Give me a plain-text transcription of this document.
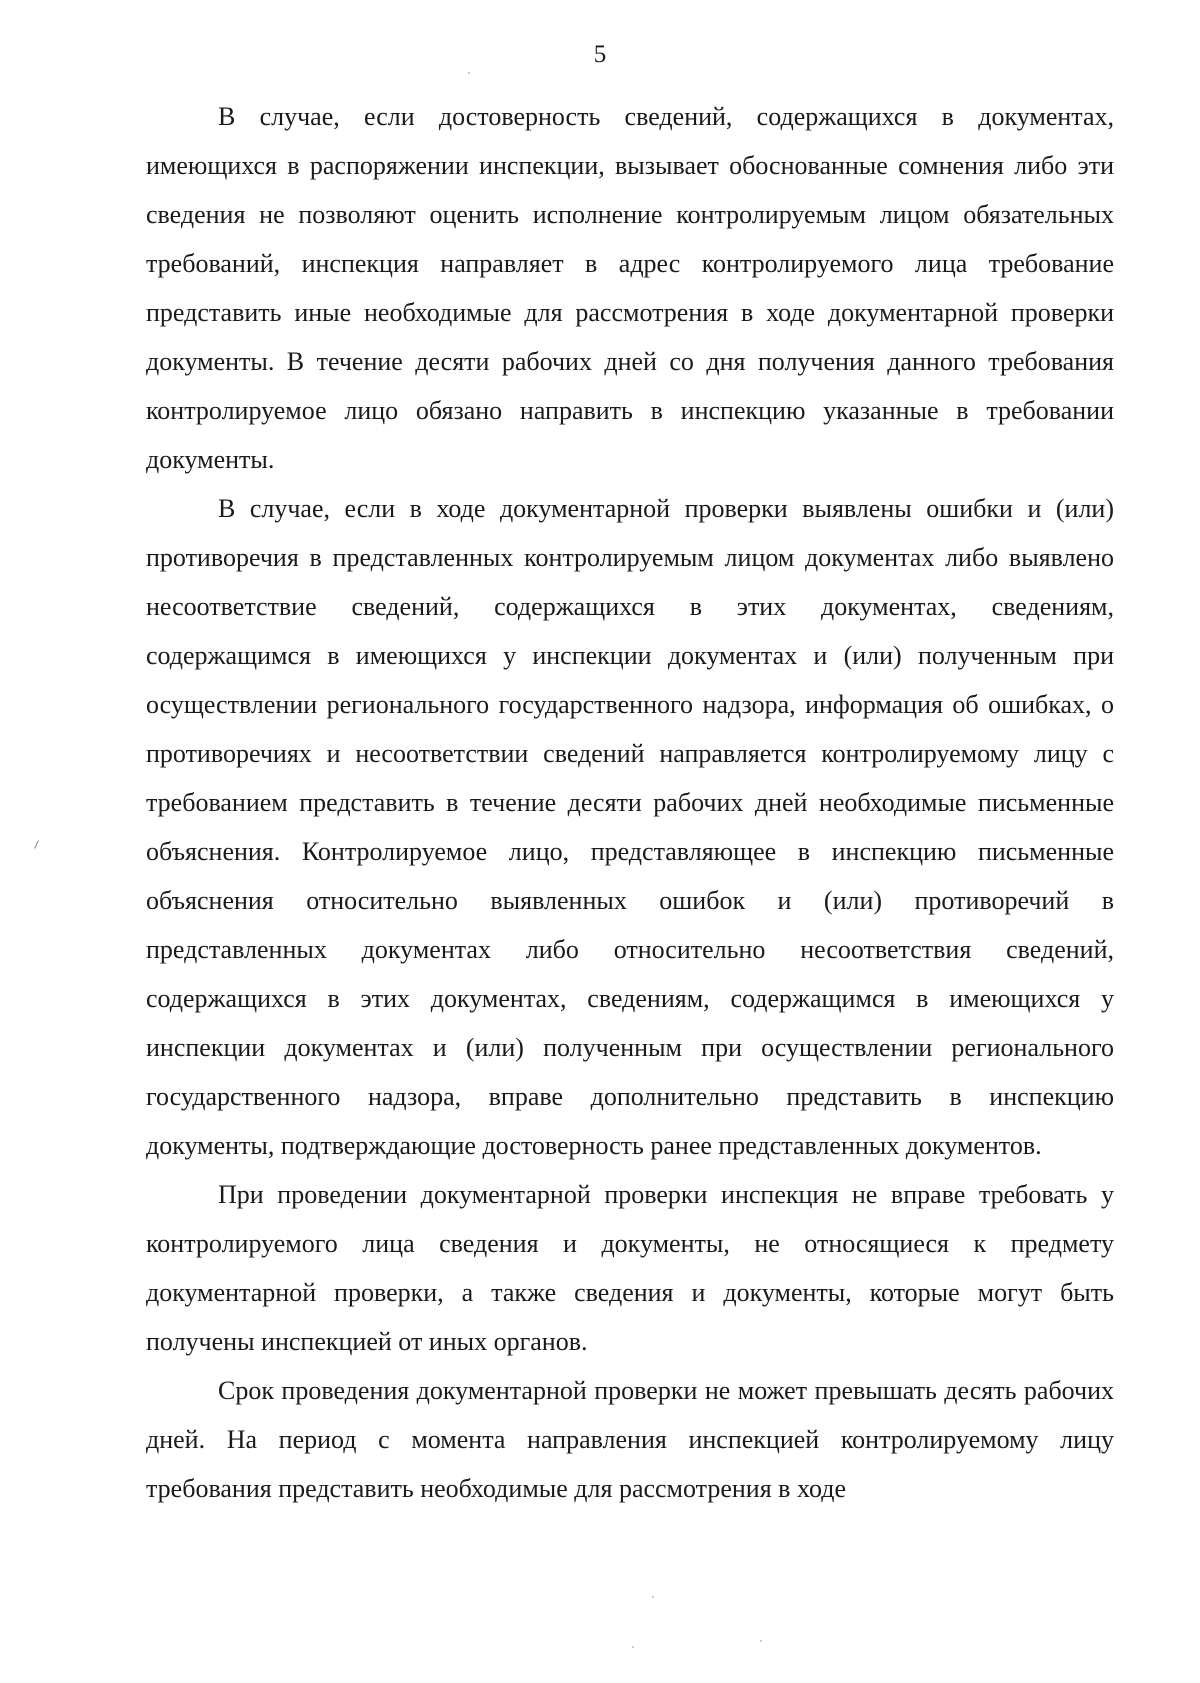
5

В случае, если достоверность сведений, содержащихся в документах, имеющихся в распоряжении инспекции, вызывает обоснованные сомнения либо эти сведения не позволяют оценить исполнение контролируемым лицом обязательных требований, инспекция направляет в адрес контролируемого лица требование представить иные необходимые для рассмотрения в ходе документарной проверки документы. В течение десяти рабочих дней со дня получения данного требования контролируемое лицо обязано направить в инспекцию указанные в требовании документы.

В случае, если в ходе документарной проверки выявлены ошибки и (или) противоречия в представленных контролируемым лицом документах либо выявлено несоответствие сведений, содержащихся в этих документах, сведениям, содержащимся в имеющихся у инспекции документах и (или) полученным при осуществлении регионального государственного надзора, информация об ошибках, о противоречиях и несоответствии сведений направляется контролируемому лицу с требованием представить в течение десяти рабочих дней необходимые письменные объяснения. Контролируемое лицо, представляющее в инспекцию письменные объяснения относительно выявленных ошибок и (или) противоречий в представленных документах либо относительно несоответствия сведений, содержащихся в этих документах, сведениям, содержащимся в имеющихся у инспекции документах и (или) полученным при осуществлении регионального государственного надзора, вправе дополнительно представить в инспекцию документы, подтверждающие достоверность ранее представленных документов.

При проведении документарной проверки инспекция не вправе требовать у контролируемого лица сведения и документы, не относящиеся к предмету документарной проверки, а также сведения и документы, которые могут быть получены инспекцией от иных органов.

Срок проведения документарной проверки не может превышать десять рабочих дней. На период с момента направления инспекцией контролируемому лицу требования представить необходимые для рассмотрения в ходе
